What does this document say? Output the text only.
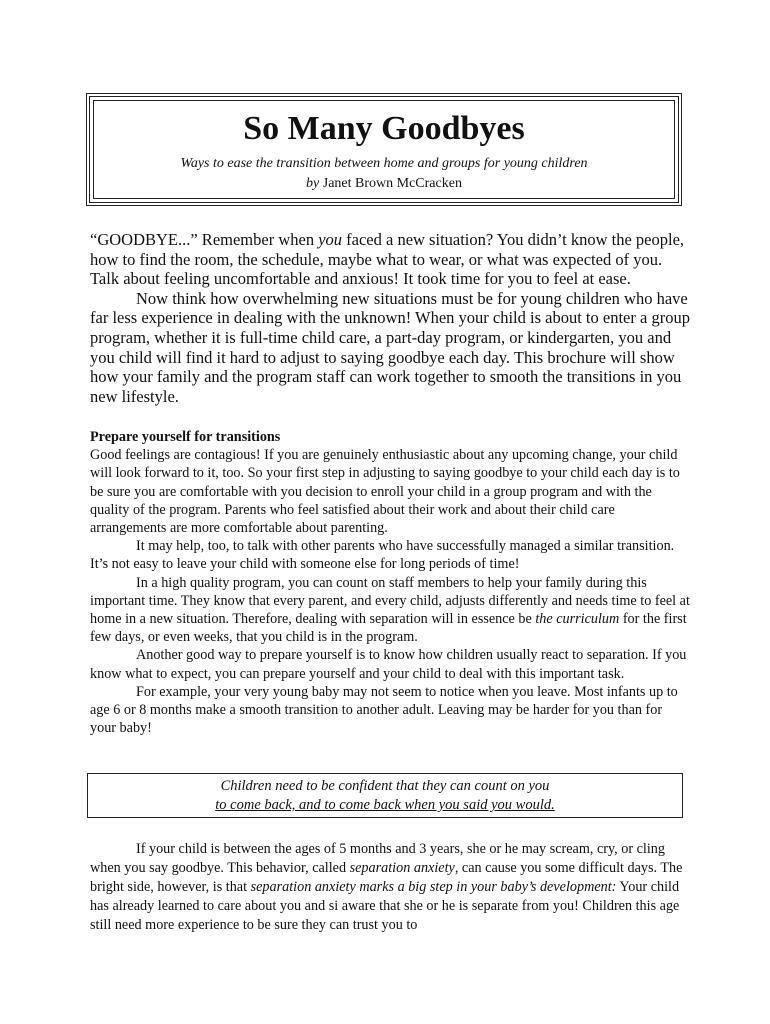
So Many Goodbyes
Ways to ease the transition between home and groups for young children
by Janet Brown McCracken

“GOODBYE...” Remember when you faced a new situation? You didn’t know the people, how to find the room, the schedule, maybe what to wear, or what was expected of you. Talk about feeling uncomfortable and anxious! It took time for you to feel at ease.

Now think how overwhelming new situations must be for young children who have far less experience in dealing with the unknown! When your child is about to enter a group program, whether it is full-time child care, a part-day program, or kindergarten, you and you child will find it hard to adjust to saying goodbye each day. This brochure will show how your family and the program staff can work together to smooth the transitions in you new lifestyle.

Prepare yourself for transitions

Good feelings are contagious! If you are genuinely enthusiastic about any upcoming change, your child will look forward to it, too. So your first step in adjusting to saying goodbye to your child each day is to be sure you are comfortable with you decision to enroll your child in a group program and with the quality of the program. Parents who feel satisfied about their work and about their child care arrangements are more comfortable about parenting.

It may help, too, to talk with other parents who have successfully managed a similar transition. It’s not easy to leave your child with someone else for long periods of time!

In a high quality program, you can count on staff members to help your family during this important time. They know that every parent, and every child, adjusts differently and needs time to feel at home in a new situation. Therefore, dealing with separation will in essence be the curriculum for the first few days, or even weeks, that you child is in the program.

Another good way to prepare yourself is to know how children usually react to separation. If you know what to expect, you can prepare yourself and your child to deal with this important task.

For example, your very young baby may not seem to notice when you leave. Most infants up to age 6 or 8 months make a smooth transition to another adult. Leaving may be harder for you than for your baby!

Children need to be confident that they can count on you
to come back, and to come back when you said you would.

If your child is between the ages of 5 months and 3 years, she or he may scream, cry, or cling when you say goodbye. This behavior, called separation anxiety, can cause you some difficult days. The bright side, however, is that separation anxiety marks a big step in your baby’s development: Your child has already learned to care about you and si aware that she or he is separate from you! Children this age still need more experience to be sure they can trust you to
